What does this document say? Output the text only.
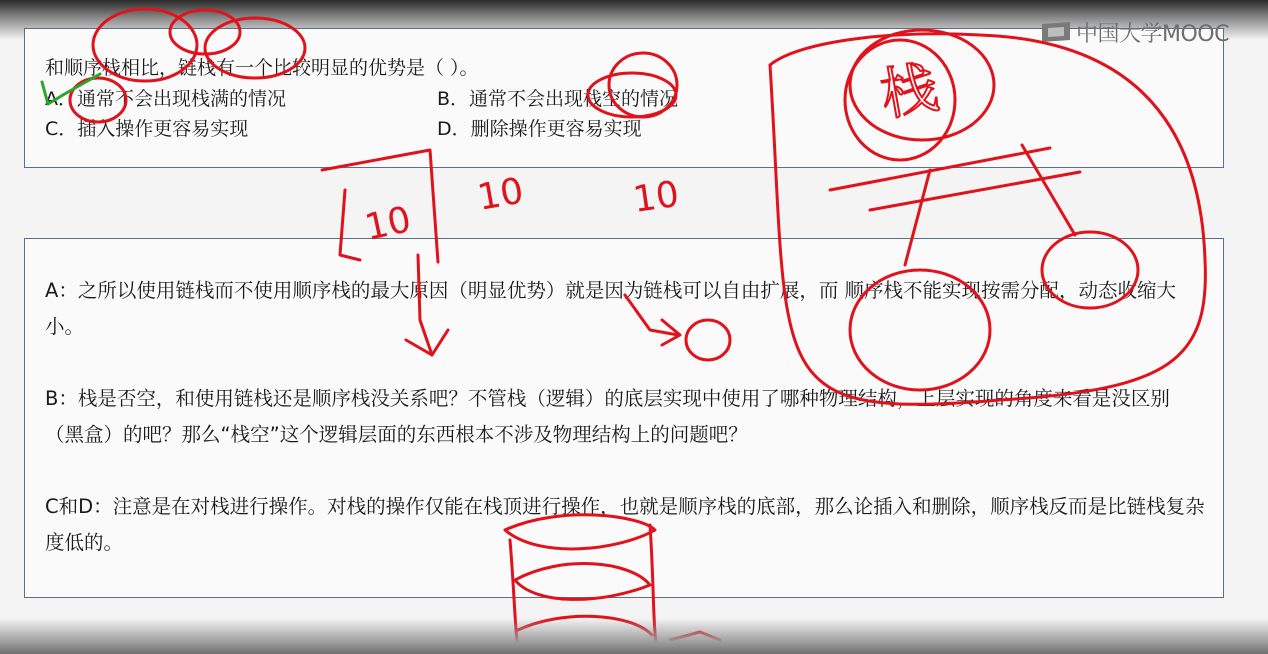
和顺序栈相比，链栈有一个比较明显的优势是（ ）。
A．通常不会出现栈满的情况	B．通常不会出现栈空的情况
C．插入操作更容易实现	D．删除操作更容易实现
A：之所以使用链栈而不使用顺序栈的最大原因（明显优势）就是因为链栈可以自由扩展，而 顺序栈不能实现按需分配，动态收缩大小。
B：栈是否空，和使用链栈还是顺序栈没关系吧？不管栈（逻辑）的底层实现中使用了哪种物理结构，上层实现的角度来看是没区别（黑盒）的吧？那么“栈空”这个逻辑层面的东西根本不涉及物理结构上的问题吧？
C和D：注意是在对栈进行操作。对栈的操作仅能在栈顶进行操作，也就是顺序栈的底部，那么论插入和删除，顺序栈反而是比链栈复杂度低的。
中国大学MOOC
10
10	10
栈
